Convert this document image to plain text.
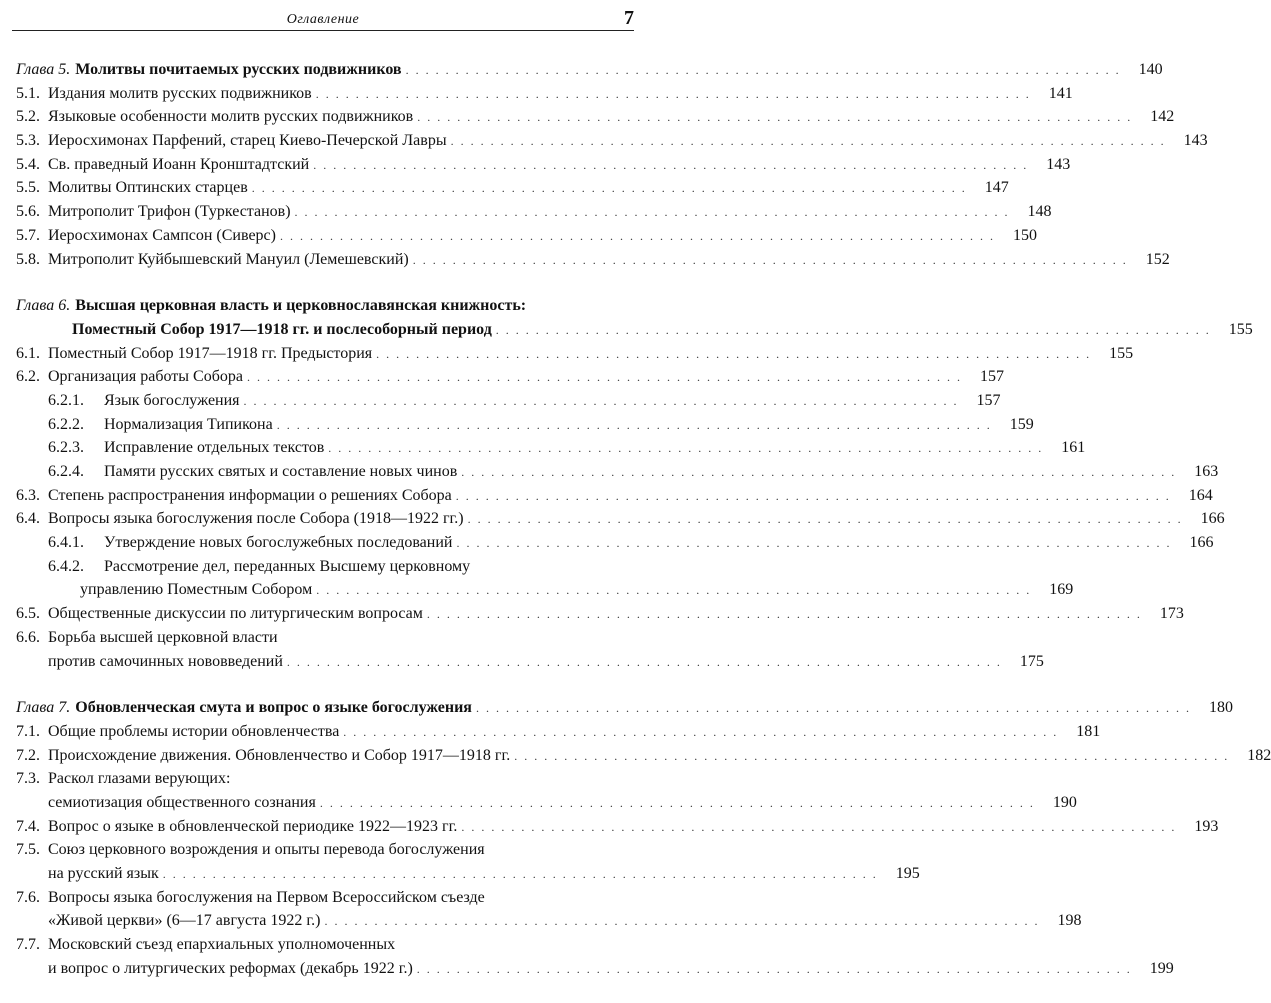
Оглавление	7
Глава 5. Молитвы почитаемых русских подвижников . . .	140
5.1. Издания молитв русских подвижников . . .	141
5.2. Языковые особенности молитв русских подвижников . . .	142
5.3. Иеросхимонах Парфений, старец Киево-Печерской Лавры . . .	143
5.4. Св. праведный Иоанн Кронштадтский . . .	143
5.5. Молитвы Оптинских старцев . . .	147
5.6. Митрополит Трифон (Туркестанов) . . .	148
5.7. Иеросхимонах Сампсон (Сиверс) . . .	150
5.8. Митрополит Куйбышевский Мануил (Лемешевский) . . .	152
Глава 6. Высшая церковная власть и церковнославянская книжность:
Поместный Собор 1917—1918 гг. и послесоборный период . . .	155
6.1. Поместный Собор 1917—1918 гг. Предыстория . . .	155
6.2. Организация работы Собора . . .	157
6.2.1.	Язык богослужения . . .	157
6.2.2.	Нормализация Типикона . . .	159
6.2.3.	Исправление отдельных текстов . . .	161
6.2.4.	Памяти русских святых и составление новых чинов . . .	163
6.3. Степень распространения информации о решениях Собора . . .	164
6.4. Вопросы языка богослужения после Собора (1918—1922 гг.) . . .	166
6.4.1.	Утверждение новых богослужебных последований . . .	166
6.4.2.	Рассмотрение дел, переданных Высшему церковному
управлению Поместным Собором . . .	169
6.5. Общественные дискуссии по литургическим вопросам . . .	173
6.6. Борьба высшей церковной власти
против самочинных нововведений . . .	175
Глава 7. Обновленческая смута и вопрос о языке богослужения . . .	180
7.1. Общие проблемы истории обновленчества . . .	181
7.2. Происхождение движения. Обновленчество и Собор 1917—1918 гг. . . .	182
7.3. Раскол глазами верующих:
семиотизация общественного сознания . . .	190
7.4. Вопрос о языке в обновленческой периодике 1922—1923 гг. . . .	193
7.5. Союз церковного возрождения и опыты перевода богослужения
на русский язык . . .	195
7.6. Вопросы языка богослужения на Первом Всероссийском съезде
«Живой церкви» (6—17 августа 1922 г.) . . .	198
7.7. Московский съезд епархиальных уполномоченных
и вопрос о литургических реформах (декабрь 1922 г.) . . .	199
